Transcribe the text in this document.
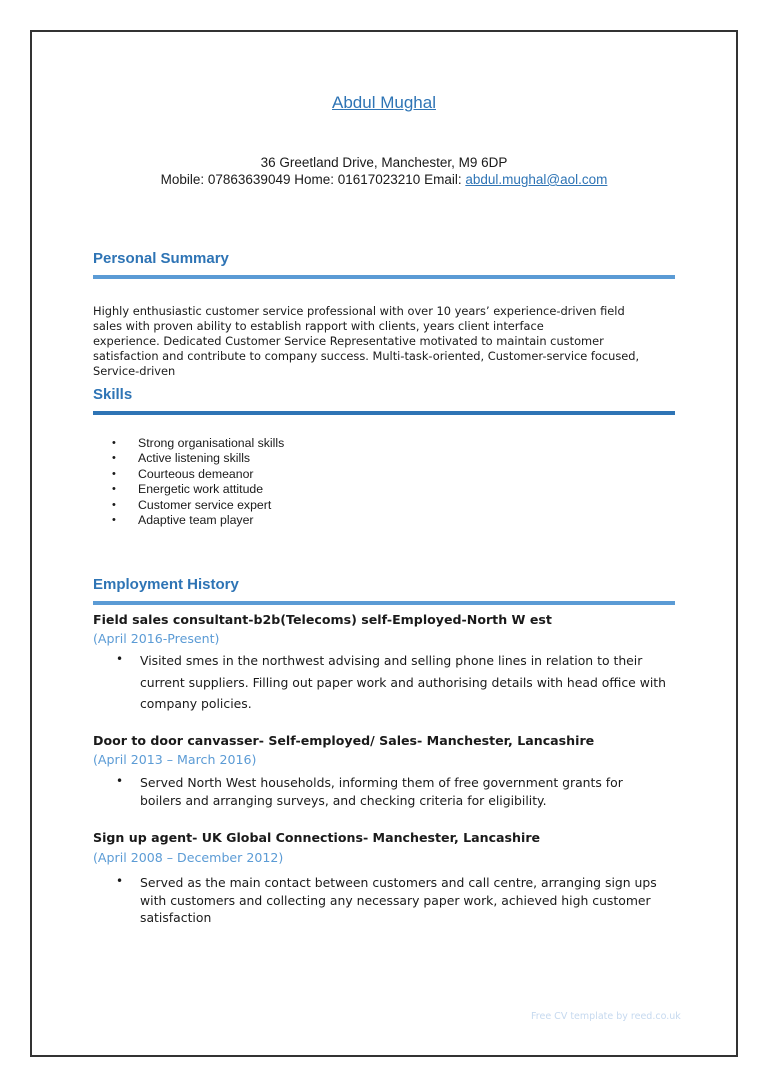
Abdul Mughal
36 Greetland Drive, Manchester, M9 6DP
Mobile: 07863639049 Home: 01617023210 Email: abdul.mughal@aol.com
Personal Summary
Highly enthusiastic customer service professional with over 10 years’ experience-driven field
sales with proven ability to establish rapport with clients, years client interface
experience. Dedicated Customer Service Representative motivated to maintain customer
satisfaction and contribute to company success. Multi-task-oriented, Customer-service focused,
Service-driven
Skills
• Strong organisational skills
• Active listening skills
• Courteous demeanor
• Energetic work attitude
• Customer service expert
• Adaptive team player
Employment History
Field sales consultant-b2b(Telecoms) self-Employed-North W est
(April 2016-Present)
• Visited smes in the northwest advising and selling phone lines in relation to their
current suppliers. Filling out paper work and authorising details with head office with
company policies.
Door to door canvasser- Self-employed/ Sales- Manchester, Lancashire
(April 2013 – March 2016)
• Served North West households, informing them of free government grants for
boilers and arranging surveys, and checking criteria for eligibility.
Sign up agent- UK Global Connections- Manchester, Lancashire
(April 2008 – December 2012)
• Served as the main contact between customers and call centre, arranging sign ups
with customers and collecting any necessary paper work, achieved high customer
satisfaction
Free CV template by reed.co.uk
